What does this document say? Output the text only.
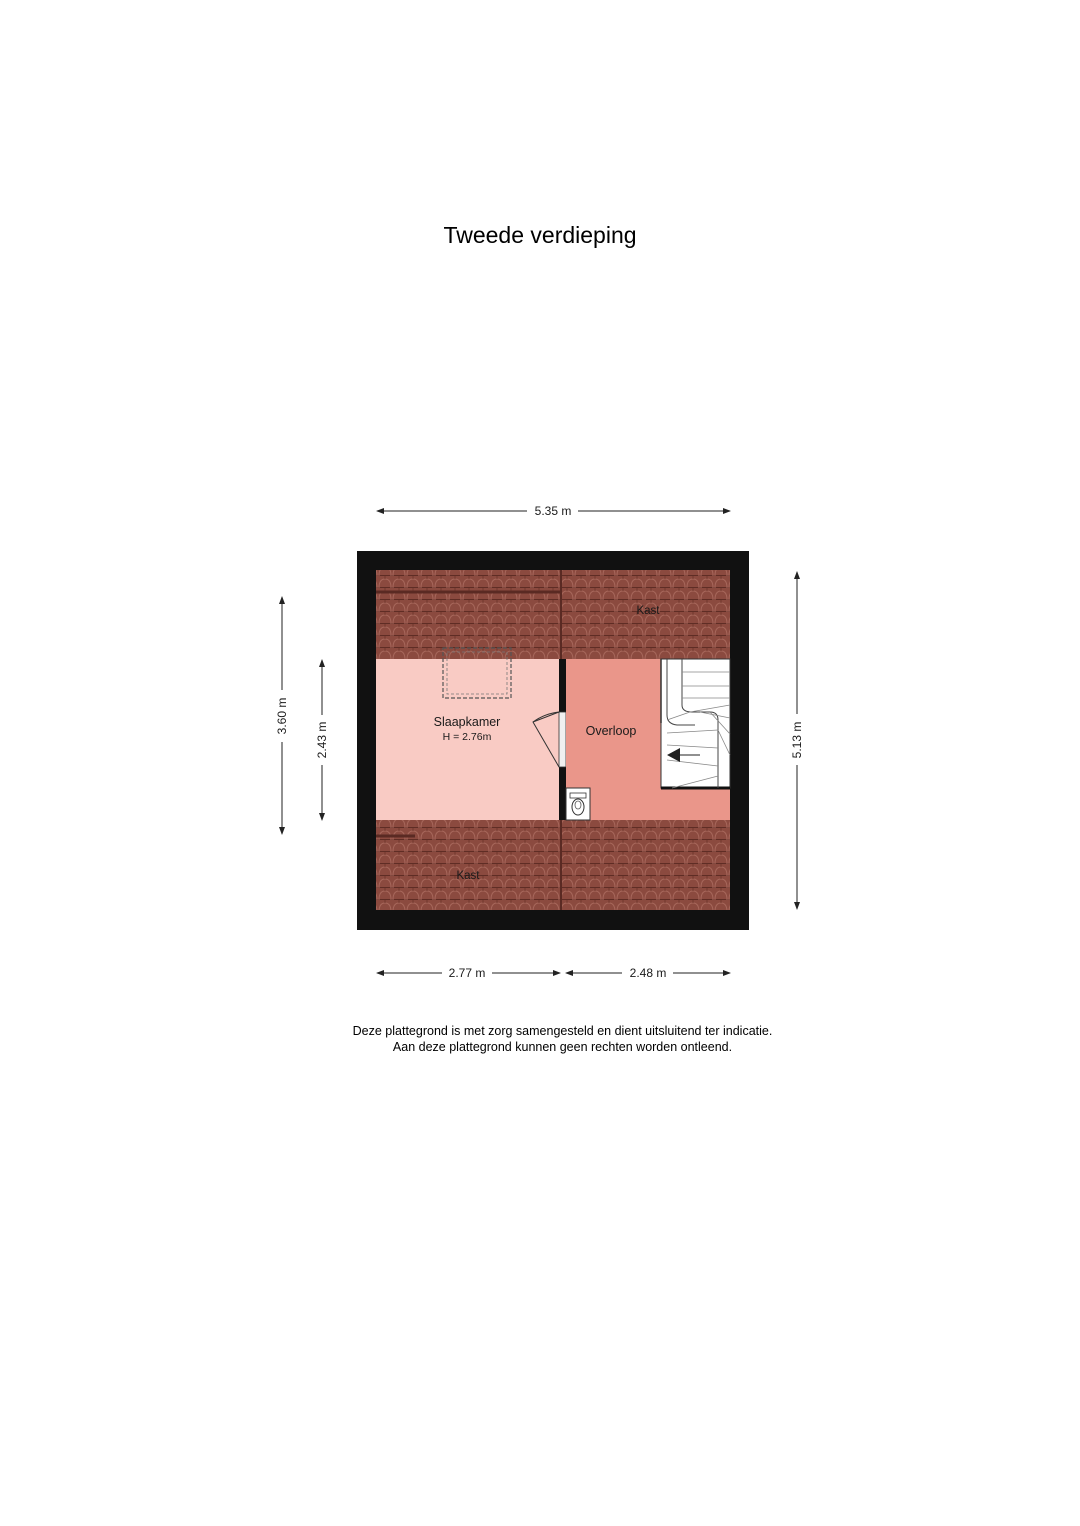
Tweede verdieping
Kast
Slaapkamer
H = 2.76m	Overloop
Kast
5.35 m
2.77 m	2.48 m
3.60 m
2.43 m	5.13 m
Deze plattegrond is met zorg samengesteld en dient uitsluitend ter indicatie.
Aan deze plattegrond kunnen geen rechten worden ontleend.
